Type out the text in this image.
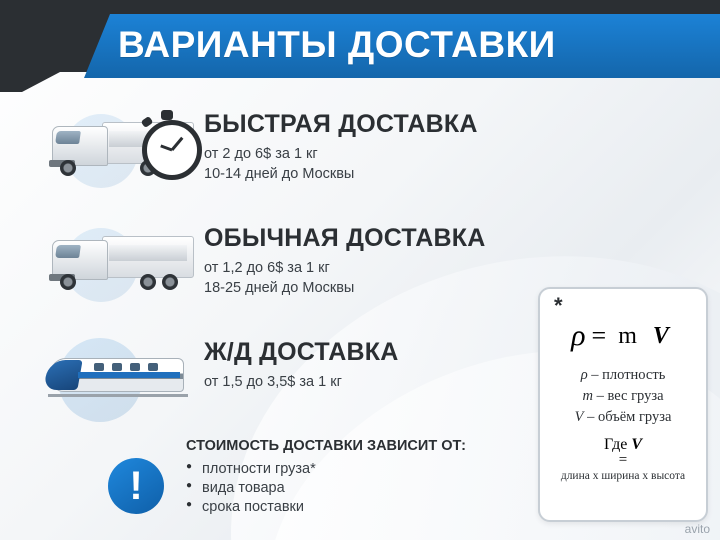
ВАРИАНТЫ ДОСТАВКИ
БЫСТРАЯ ДОСТАВКА
от 2 до 6$ за 1 кг
10-14 дней до Москвы
ОБЫЧНАЯ ДОСТАВКА
от 1,2 до 6$ за 1 кг
18-25 дней до Москвы
Ж/Д ДОСТАВКА
от 1,5 до 3,5$ за 1 кг
!
СТОИМОСТЬ ДОСТАВКИ ЗАВИСИТ ОТ:
● плотности груза*
● вида товара
● срока поставки
*
ρ = m V
ρ – плотность
m – вес груза
V – объём груза
Где V
=
длина х ширина х высота
avito
